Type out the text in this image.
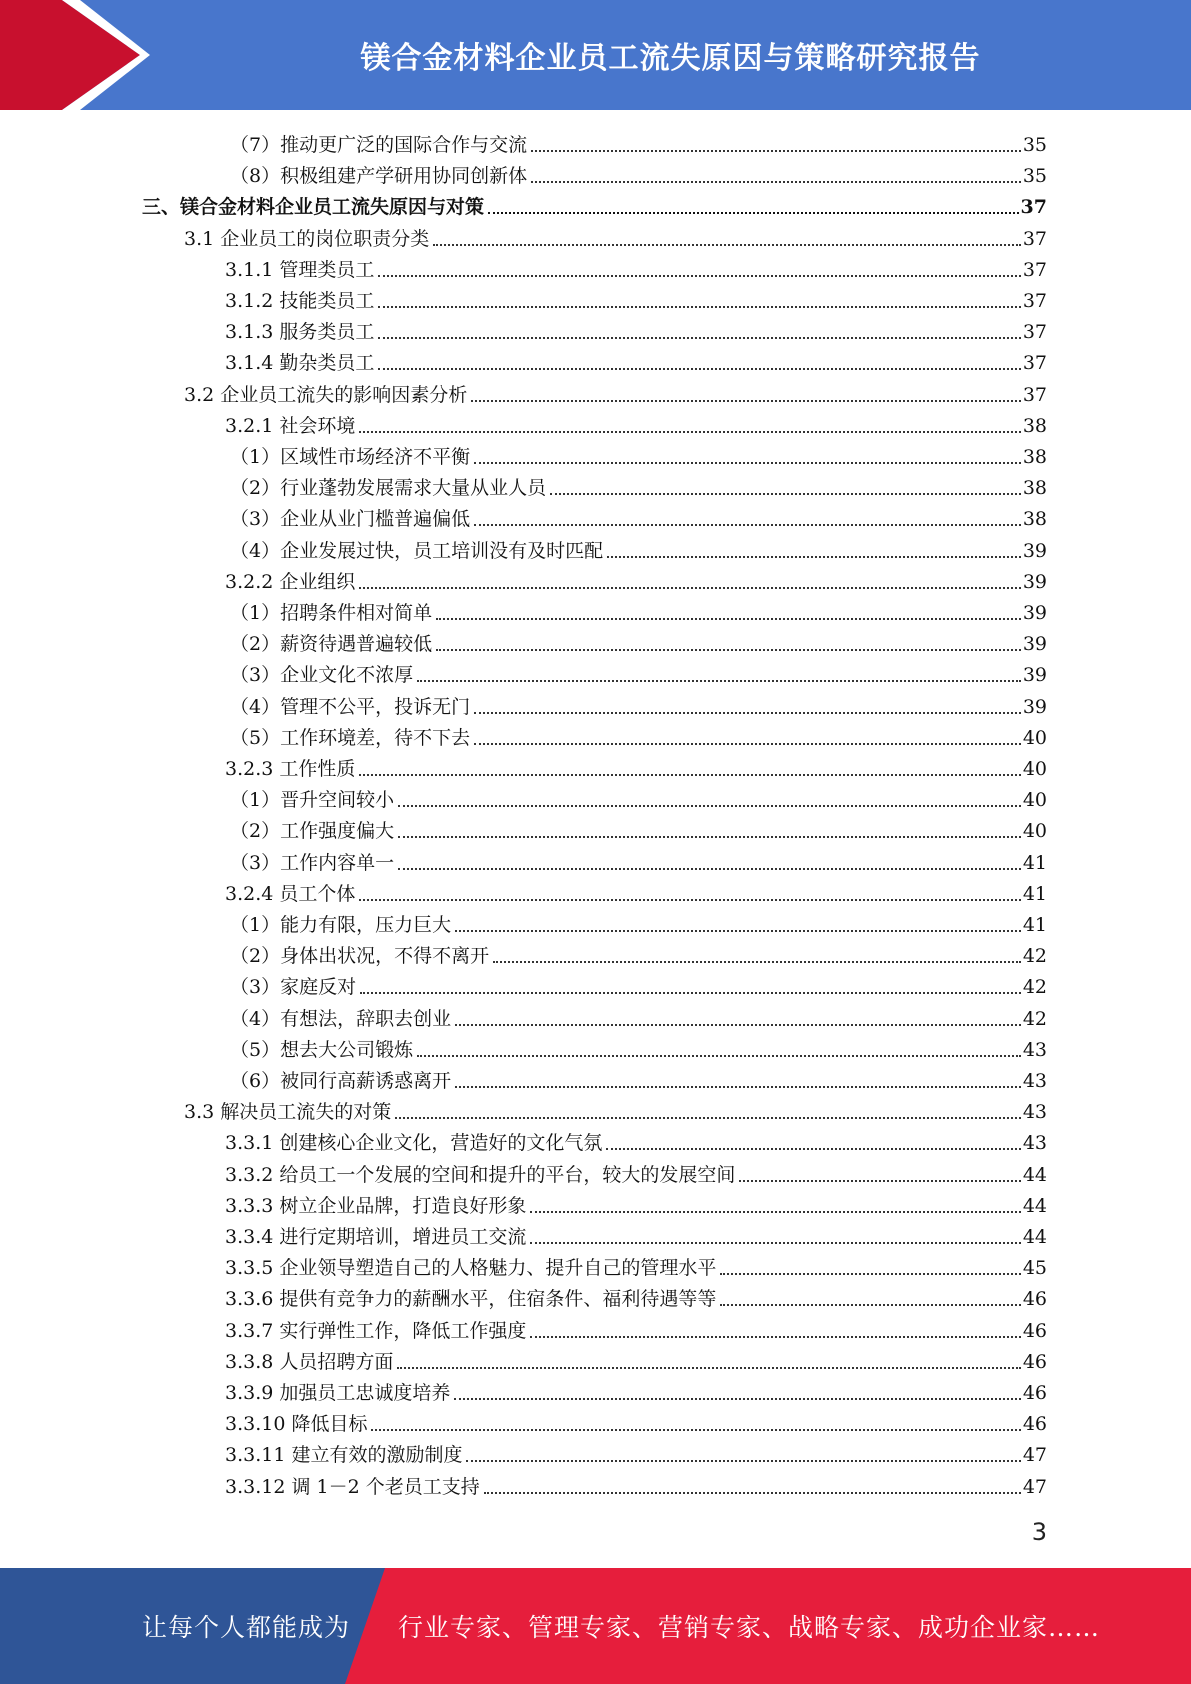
镁合金材料企业员工流失原因与策略研究报告
（7）推动更广泛的国际合作与交流	35
（8）积极组建产学研用协同创新体	35
三、镁合金材料企业员工流失原因与对策	37
3.1 企业员工的岗位职责分类	37
3.1.1 管理类员工	37
3.1.2 技能类员工	37
3.1.3 服务类员工	37
3.1.4 勤杂类员工	37
3.2 企业员工流失的影响因素分析	37
3.2.1 社会环境	38
（1）区域性市场经济不平衡	38
（2）行业蓬勃发展需求大量从业人员	38
（3）企业从业门槛普遍偏低	38
（4）企业发展过快，员工培训没有及时匹配	39
3.2.2 企业组织	39
（1）招聘条件相对简单	39
（2）薪资待遇普遍较低	39
（3）企业文化不浓厚	39
（4）管理不公平，投诉无门	39
（5）工作环境差，待不下去	40
3.2.3 工作性质	40
（1）晋升空间较小	40
（2）工作强度偏大	40
（3）工作内容单一	41
3.2.4 员工个体	41
（1）能力有限，压力巨大	41
（2）身体出状况，不得不离开	42
（3）家庭反对	42
（4）有想法，辞职去创业	42
（5）想去大公司锻炼	43
（6）被同行高薪诱惑离开	43
3.3 解决员工流失的对策	43
3.3.1 创建核心企业文化，营造好的文化气氛	43
3.3.2 给员工一个发展的空间和提升的平台，较大的发展空间	44
3.3.3 树立企业品牌，打造良好形象	44
3.3.4 进行定期培训，增进员工交流	44
3.3.5 企业领导塑造自己的人格魅力、提升自己的管理水平	45
3.3.6 提供有竞争力的薪酬水平，住宿条件、福利待遇等等	46
3.3.7 实行弹性工作，降低工作强度	46
3.3.8 人员招聘方面	46
3.3.9 加强员工忠诚度培养	46
3.3.10 降低目标	46
3.3.11 建立有效的激励制度	47
3.3.12 调 1－2 个老员工支持	47
3
让每个人都能成为 行业专家、管理专家、营销专家、战略专家、成功企业家……
